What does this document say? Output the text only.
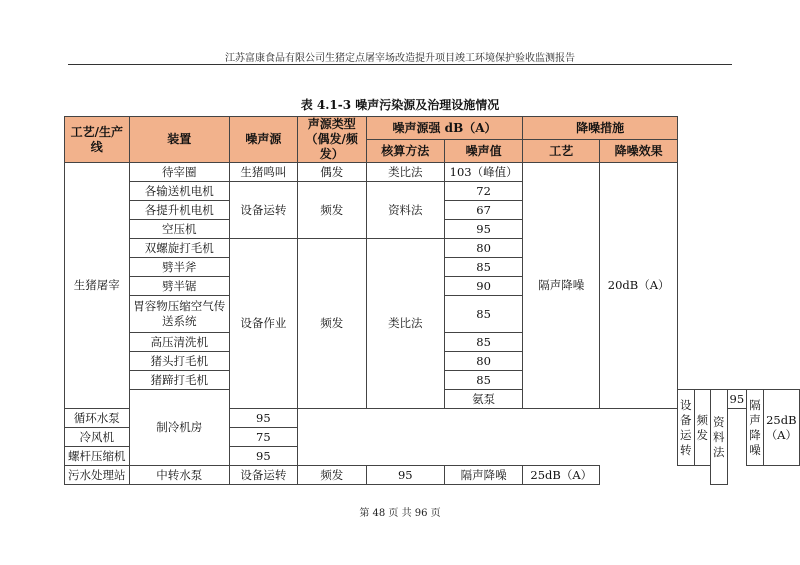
江苏富康食品有限公司生猪定点屠宰场改造提升项目竣工环境保护验收监测报告
表 4.1-3 噪声污染源及治理设施情况
工艺/生产线	装置	噪声源	声源类型（偶发/频发）	噪声源强 dB（A）		降噪措施							
				核算方法	噪声值	工艺	降噪效果						
生猪屠宰	待宰圈	生猪鸣叫	偶发	类比法	103（峰值）	隔声降噪	20dB（A）						
	各输送机电机	设备运转	频发	资料法	72								
	各提升机电机				67								
	空压机				95								
	双螺旋打毛机	设备作业	频发	类比法	80								
	劈半斧				85								
	劈半锯				90								
	胃容物压缩空气传送系统				85								
	高压清洗机				85								
	猪头打毛机				80								
	猪蹄打毛机				85								
	制冷机房				氨泵			设备运转	频发	资料法	95	隔声降噪	25dB（A）
循环水泵		95											
冷风机		75											
螺杆压缩机		95											
污水处理站	中转水泵	设备运转	频发	95	隔声降噪	25dB（A）							
第 48 页 共 96 页
